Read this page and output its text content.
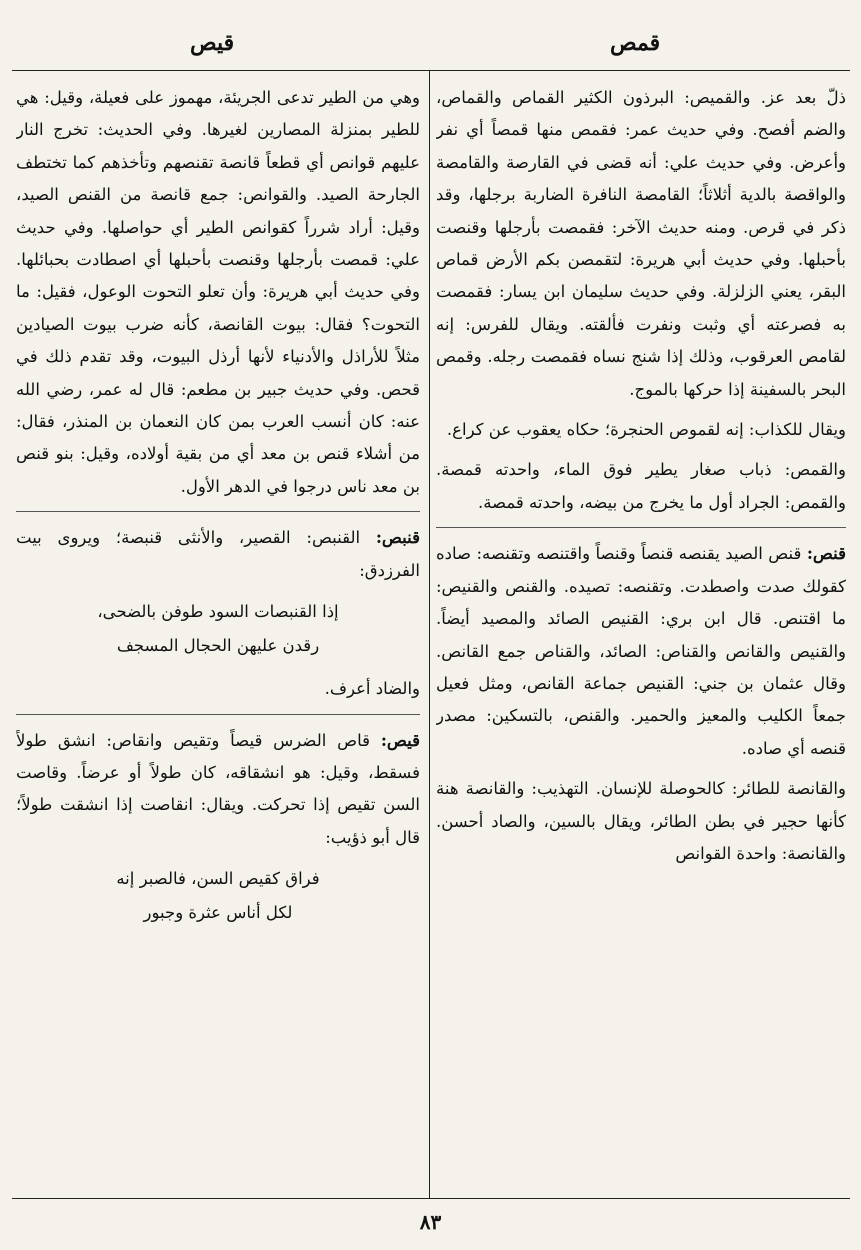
قيص	قمص

ذلّ بعد عز. والقميص: البرذون الكثير القماص والقماص، والضم أفصح. وفي حديث عمر: فقمص منها قمصاً أي نفر وأعرض. وفي حديث علي: أنه قضى في القارصة والقامصة والواقصة بالدية أثلاثاً؛ القامصة النافرة الضاربة برجلها، وقد ذكر في قرص. ومنه حديث الآخر: فقمصت بأرجلها وقنصت بأحبلها. وفي حديث أبي هريرة: لتقمصن بكم الأرض قماص البقر، يعني الزلزلة. وفي حديث سليمان ابن يسار: فقمصت به فصرعته أي وثبت ونفرت فألقته. ويقال للفرس: إنه لقامص العرقوب، وذلك إذا شنج نساه فقمصت رجله. وقمص البحر بالسفينة إذا حركها بالموج.

ويقال للكذاب: إنه لقموص الحنجرة؛ حكاه يعقوب عن كراع.

والقمص: ذباب صغار يطير فوق الماء، واحدته قمصة. والقمص: الجراد أول ما يخرج من بيضه، واحدته قمصة.

قنص: قنص الصيد يقنصه قنصاً وقنصاً واقتنصه وتقنصه: صاده كقولك صدت واصطدت. وتقنصه: تصيده. والقنص والقنيص: ما اقتنص. قال ابن بري: القنيص الصائد والمصيد أيضاً. والقنيص والقانص والقناص: الصائد، والقناص جمع القانص. وقال عثمان بن جني: القنيص جماعة القانص، ومثل فعيل جمعاً الكليب والمعيز والحمير. والقنص، بالتسكين: مصدر قنصه أي صاده.

والقانصة للطائر: كالحوصلة للإنسان. التهذيب: والقانصة هنة كأنها حجير في بطن الطائر، ويقال بالسين، والصاد أحسن. والقانصة: واحدة القوانص

وهي من الطير تدعى الجريئة، مهموز على فعيلة، وقيل: هي للطير بمنزلة المصارين لغيرها. وفي الحديث: تخرج النار عليهم قوانص أي قطعاً قانصة تقنصهم وتأخذهم كما تختطف الجارحة الصيد. والقوانص: جمع قانصة من القنص الصيد، وقيل: أراد شرراً كقوانص الطير أي حواصلها. وفي حديث علي: قمصت بأرجلها وقنصت بأحبلها أي اصطادت بحبائلها. وفي حديث أبي هريرة: وأن تعلو التحوت الوعول، فقيل: ما التحوت؟ فقال: بيوت القانصة، كأنه ضرب بيوت الصيادين مثلاً للأراذل والأدنياء لأنها أرذل البيوت، وقد تقدم ذلك في قحص. وفي حديث جبير بن مطعم: قال له عمر، رضي الله عنه: كان أنسب العرب بمن كان النعمان بن المنذر، فقال: من أشلاء قنص بن معد أي من بقية أولاده، وقيل: بنو قنص بن معد ناس درجوا في الدهر الأول.

قنبص: القنبص: القصير، والأنثى قنبصة؛ ويروى بيت الفرزدق:

إذا القنبصات السود طوفن بالضحى،
رقدن عليهن الحجال المسجف

والضاد أعرف.

قيص: قاص الضرس قيصاً وتقيص وانقاص: انشق طولاً فسقط، وقيل: هو انشقاقه، كان طولاً أو عرضاً. وقاصت السن تقيص إذا تحركت. ويقال: انقاصت إذا انشقت طولاً؛ قال أبو ذؤيب:

فراق كقيص السن، فالصبر إنه
لكل أناس عثرة وجبور
٨٣
